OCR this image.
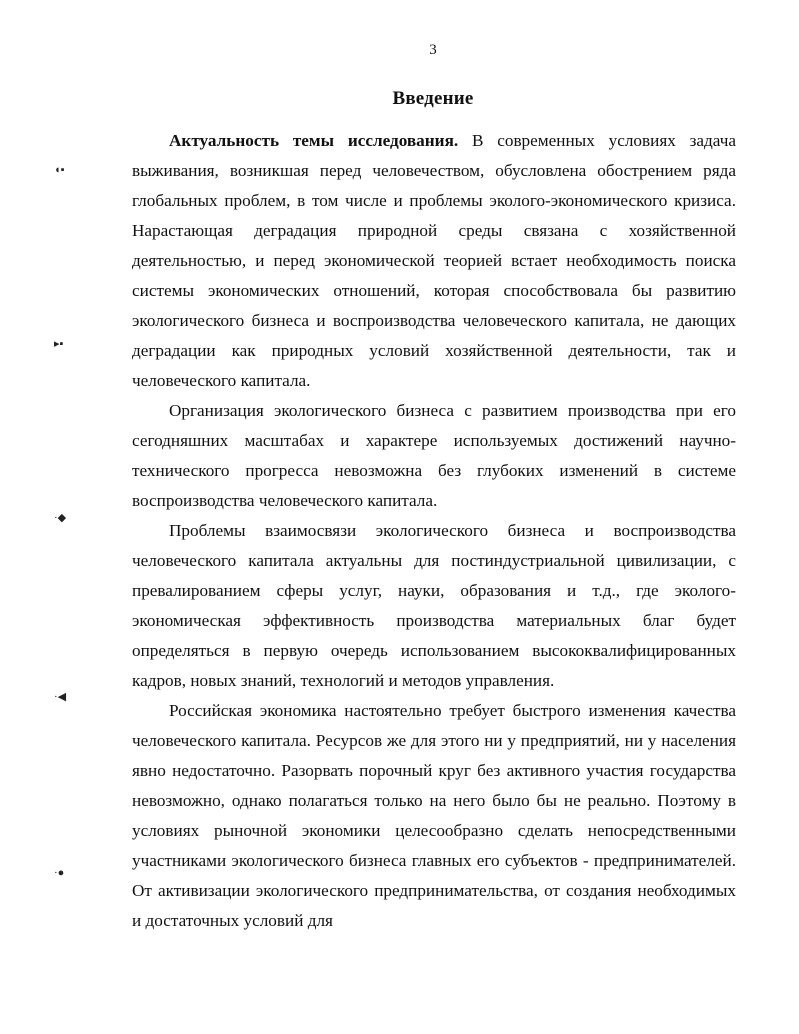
3
Введение
◖▪
▸▪
·◆
·◀
·●

Актуальность темы исследования. В современных условиях задача выживания, возникшая перед человечеством, обусловлена обострением ряда глобальных проблем, в том числе и проблемы эколого-экономического кризиса. Нарастающая деградация природной среды связана с хозяйственной деятельностью, и перед экономической теорией встает необходимость поиска системы экономических отношений, которая способствовала бы развитию экологического бизнеса и воспроизводства человеческого капитала, не дающих деградации как природных условий хозяйственной деятельности, так и человеческого капитала.

Организация экологического бизнеса с развитием производства при его сегодняшних масштабах и характере используемых достижений научно-технического прогресса невозможна без глубоких изменений в системе воспроизводства человеческого капитала.

Проблемы взаимосвязи экологического бизнеса и воспроизводства человеческого капитала актуальны для постиндустриальной цивилизации, с превалированием сферы услуг, науки, образования и т.д., где эколого-экономическая эффективность производства материальных благ будет определяться в первую очередь использованием высококвалифицированных кадров, новых знаний, технологий и методов управления.

Российская экономика настоятельно требует быстрого изменения качества человеческого капитала. Ресурсов же для этого ни у предприятий, ни у населения явно недостаточно. Разорвать порочный круг без активного участия государства невозможно, однако полагаться только на него было бы не реально. Поэтому в условиях рыночной экономики целесообразно сделать непосредственными участниками экологического бизнеса главных его субъектов - предпринимателей. От активизации экологического предпринимательства, от создания необходимых и достаточных условий для
